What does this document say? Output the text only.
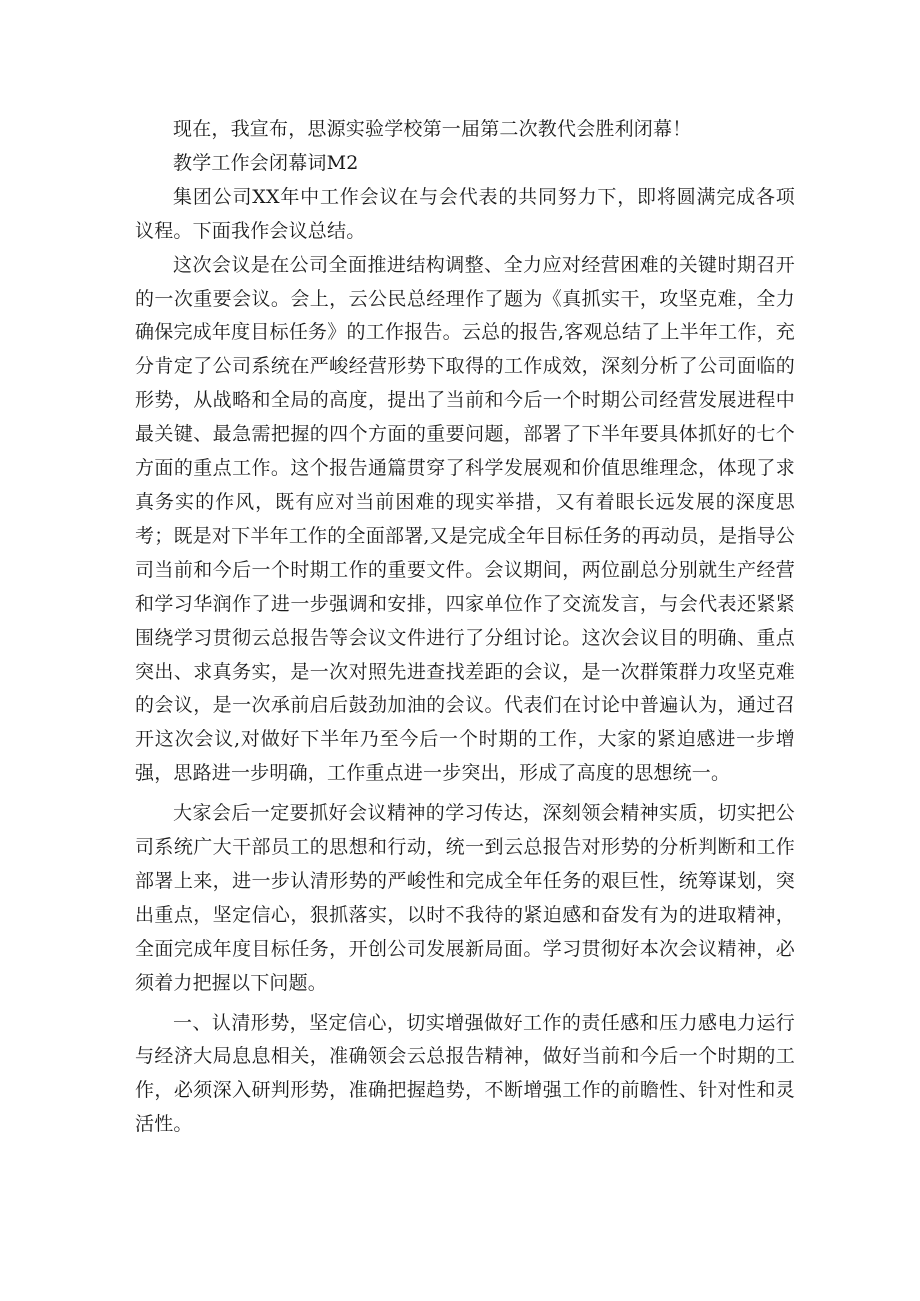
现在，我宣布，思源实验学校第一届第二次教代会胜利闭幕！

教学工作会闭幕词M2

集团公司XX年中工作会议在与会代表的共同努力下，即将圆满完成各项议程。下面我作会议总结。

这次会议是在公司全面推进结构调整、全力应对经营困难的关键时期召开的一次重要会议。会上，云公民总经理作了题为《真抓实干，攻坚克难，全力确保完成年度目标任务》的工作报告。云总的报告,客观总结了上半年工作，充分肯定了公司系统在严峻经营形势下取得的工作成效，深刻分析了公司面临的形势，从战略和全局的高度，提出了当前和今后一个时期公司经营发展进程中最关键、最急需把握的四个方面的重要问题，部署了下半年要具体抓好的七个方面的重点工作。这个报告通篇贯穿了科学发展观和价值思维理念，体现了求真务实的作风，既有应对当前困难的现实举措，又有着眼长远发展的深度思考；既是对下半年工作的全面部署,又是完成全年目标任务的再动员，是指导公司当前和今后一个时期工作的重要文件。会议期间，两位副总分别就生产经营和学习华润作了进一步强调和安排，四家单位作了交流发言，与会代表还紧紧围绕学习贯彻云总报告等会议文件进行了分组讨论。这次会议目的明确、重点突出、求真务实，是一次对照先进查找差距的会议，是一次群策群力攻坚克难的会议，是一次承前启后鼓劲加油的会议。代表们在讨论中普遍认为，通过召开这次会议,对做好下半年乃至今后一个时期的工作，大家的紧迫感进一步增强，思路进一步明确，工作重点进一步突出，形成了高度的思想统一。

大家会后一定要抓好会议精神的学习传达，深刻领会精神实质，切实把公司系统广大干部员工的思想和行动，统一到云总报告对形势的分析判断和工作部署上来，进一步认清形势的严峻性和完成全年任务的艰巨性，统筹谋划，突出重点，坚定信心，狠抓落实，以时不我待的紧迫感和奋发有为的进取精神，全面完成年度目标任务，开创公司发展新局面。学习贯彻好本次会议精神，必须着力把握以下问题。

一、认清形势，坚定信心，切实增强做好工作的责任感和压力感电力运行与经济大局息息相关，准确领会云总报告精神，做好当前和今后一个时期的工作，必须深入研判形势，准确把握趋势，不断增强工作的前瞻性、针对性和灵活性。
